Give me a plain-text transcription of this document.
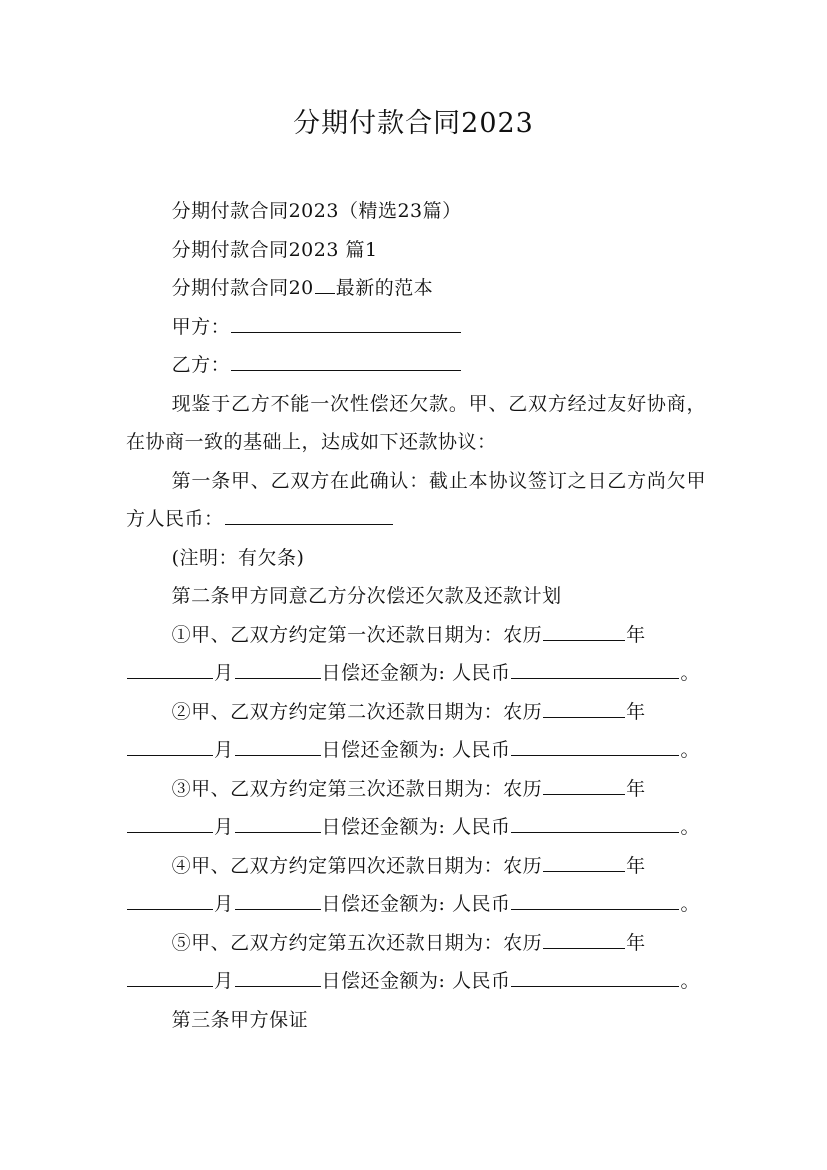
分期付款合同2023

分期付款合同2023（精选23篇）

分期付款合同2023 篇1

分期付款合同20 最新的范本

甲方：

乙方：

现鉴于乙方不能一次性偿还欠款。甲、乙双方经过友好协商，在协商一致的基础上，达成如下还款协议：

第一条甲、乙双方在此确认：截止本协议签订之日乙方尚欠甲方人民币：

(注明：有欠条)

第二条甲方同意乙方分次偿还欠款及还款计划

①甲、乙双方约定第一次还款日期为：农历	年

月	日偿还金额为: 人民币	。

②甲、乙双方约定第二次还款日期为：农历	年

月	日偿还金额为: 人民币	。

③甲、乙双方约定第三次还款日期为：农历	年

月	日偿还金额为: 人民币	。

④甲、乙双方约定第四次还款日期为：农历	年

月	日偿还金额为: 人民币	。

⑤甲、乙双方约定第五次还款日期为：农历	年

月	日偿还金额为: 人民币	。

第三条甲方保证
